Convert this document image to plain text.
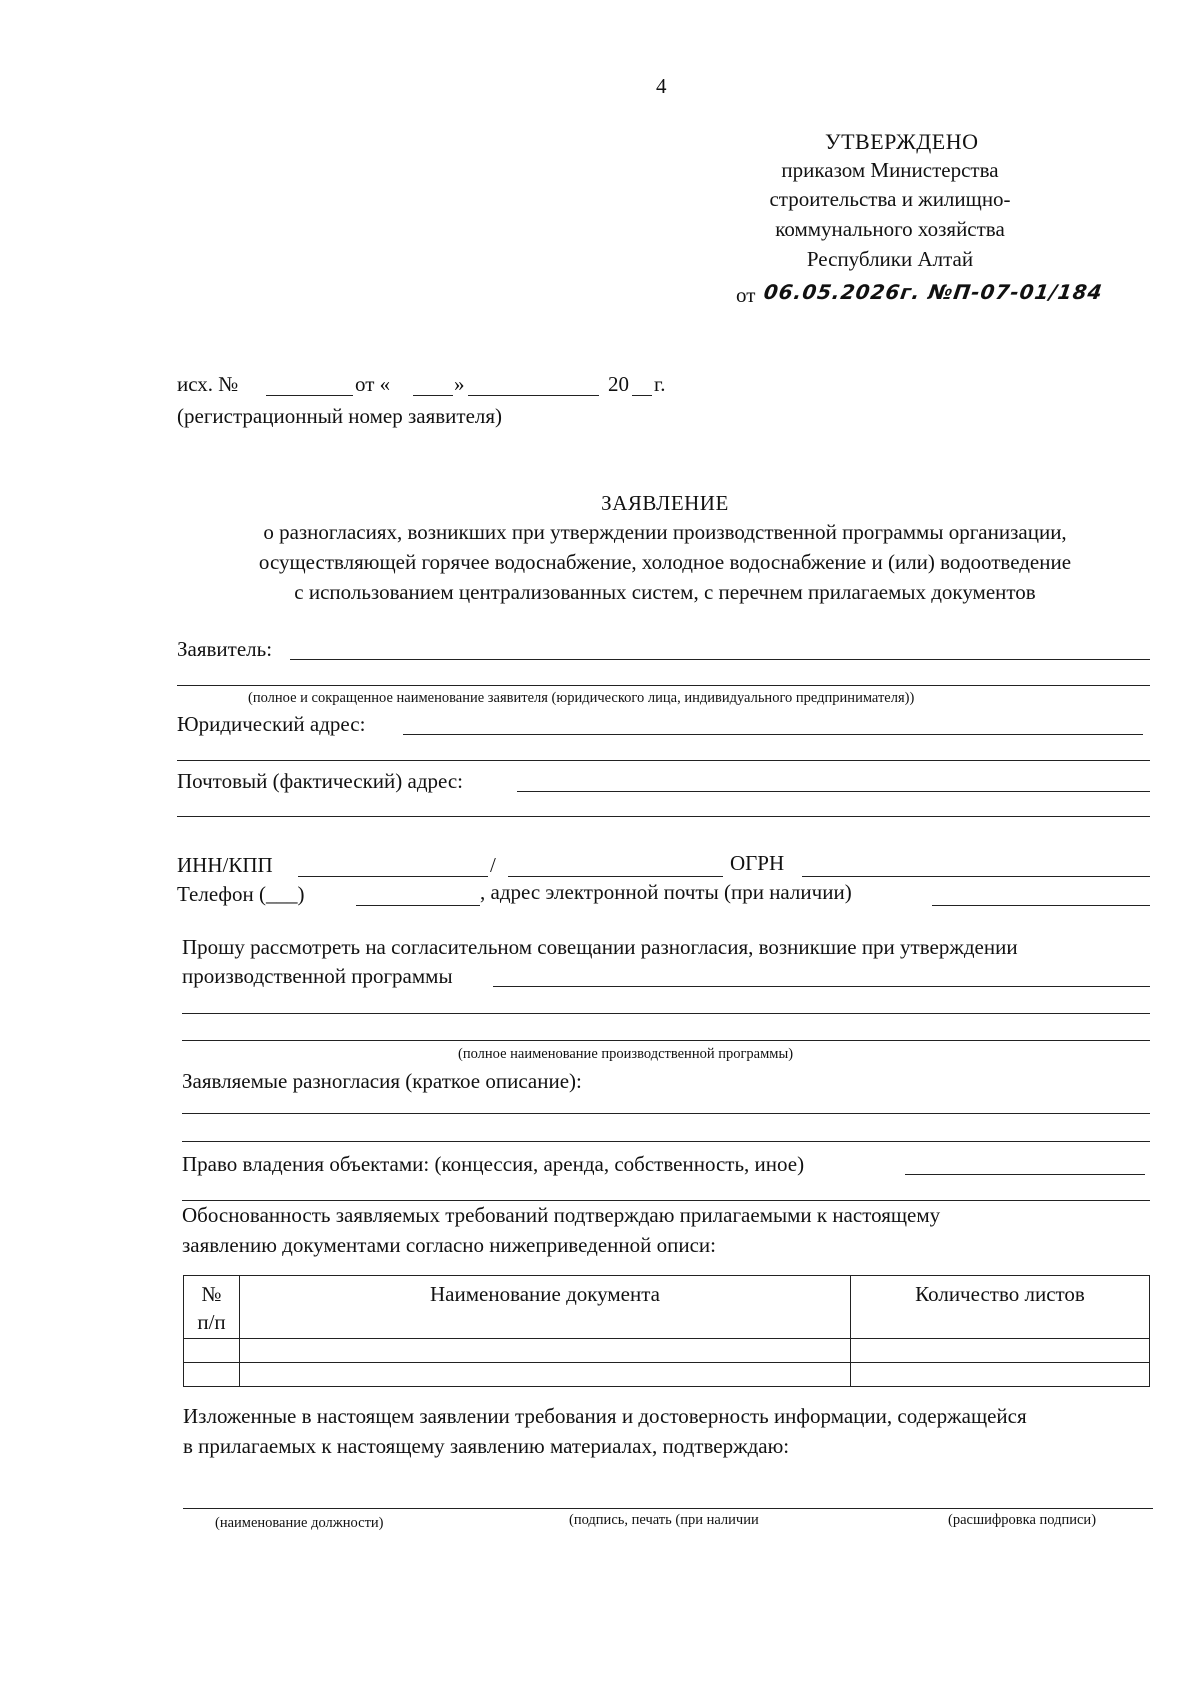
4
УТВЕРЖДЕНО
приказом Министерства
строительства и жилищно-
коммунального хозяйства
Республики Алтай
от 06.05.2026г. №П-07-01/184
исх. №	от «	»	20 г.
(регистрационный номер заявителя)
ЗАЯВЛЕНИЕ
о разногласиях, возникших при утверждении производственной программы организации,
осуществляющей горячее водоснабжение, холодное водоснабжение и (или) водоотведение
с использованием централизованных систем, с перечнем прилагаемых документов
Заявитель:
(полное и сокращенное наименование заявителя (юридического лица, индивидуального предпринимателя))
Юридический адрес:
Почтовый (фактический) адрес:
ИНН/КПП	/	ОГРН
Телефон (___)	, адрес электронной почты (при наличии)
Прошу рассмотреть на согласительном совещании разногласия, возникшие при утверждении
производственной программы
(полное наименование производственной программы)
Заявляемые разногласия (краткое описание):
Право владения объектами: (концессия, аренда, собственность, иное)
Обоснованность заявляемых требований подтверждаю прилагаемыми к настоящему
заявлению документами согласно нижеприведенной описи:
№
п/п	Наименование документа	Количество листов

Изложенные в настоящем заявлении требования и достоверность информации, содержащейся
в прилагаемых к настоящему заявлению материалах, подтверждаю:
(наименование должности)	(подпись, печать (при наличии	(расшифровка подписи)
